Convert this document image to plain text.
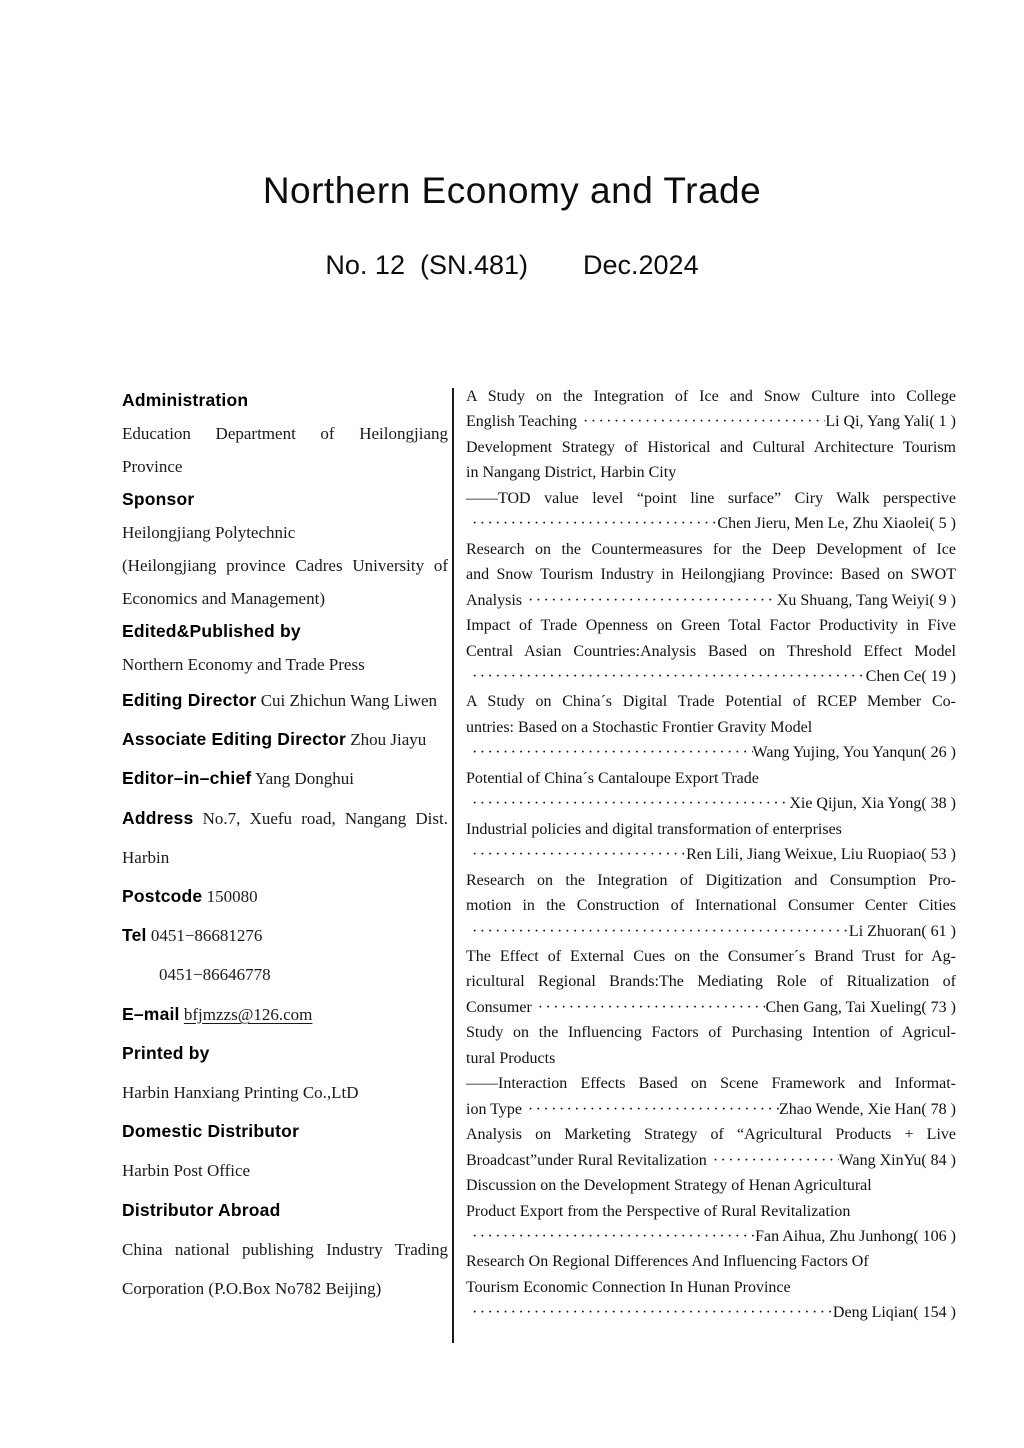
Northern Economy and Trade
No. 12  (SN.481) Dec.2024
Administration
Education Department of Heilongjiang Province
Sponsor
Heilongjiang Polytechnic
(Heilongjiang province Cadres University of Economics and Management)
Edited&Published by
Northern Economy and Trade Press
Editing Director Cui Zhichun Wang Liwen
Associate Editing Director Zhou Jiayu
Editor–in–chief Yang Donghui
Address No.7, Xuefu road, Nangang Dist. Harbin
Postcode 150080
Tel 0451−86681276
0451−86646778
E–mail bfjmzzs@126.com
Printed by
Harbin Hanxiang Printing Co.,LtD
Domestic Distributor
Harbin Post Office
Distributor Abroad
China national publishing Industry Trading Corporation (P.O.Box No782 Beijing)
A Study on the Integration of Ice and Snow Culture into College
English Teaching ·····	Li Qi, Yang Yali ( 1 )
Development Strategy of Historical and Cultural Architecture Tourism
in Nangang District, Harbin City
——TOD value level “point line surface” Ciry Walk perspective
·····
Chen Jieru, Men Le, Zhu Xiaolei ( 5 )
Research on the Countermeasures for the Deep Development of Ice
and Snow Tourism Industry in Heilongjiang Province: Based on SWOT
Analysis ·····	Xu Shuang, Tang Weiyi ( 9 )
Impact of Trade Openness on Green Total Factor Productivity in Five
Central Asian Countries:Analysis Based on Threshold Effect Model
·····
Chen Ce ( 19 )
A Study on China´s Digital Trade Potential of RCEP Member Co-
untries: Based on a Stochastic Frontier Gravity Model
·····
Wang Yujing, You Yanqun ( 26 )
Potential of China´s Cantaloupe Export Trade
·····
Xie Qijun, Xia Yong ( 38 )
Industrial policies and digital transformation of enterprises
·····
Ren Lili, Jiang Weixue, Liu Ruopiao ( 53 )
Research on the Integration of Digitization and Consumption Pro-
motion in the Construction of International Consumer Center Cities
·····
Li Zhuoran ( 61 )
The Effect of External Cues on the Consumer´s Brand Trust for Ag-
ricultural Regional Brands:The Mediating Role of Ritualization of
Consumer ·····	Chen Gang, Tai Xueling ( 73 )
Study on the Influencing Factors of Purchasing Intention of Agricul-
tural Products
——Interaction Effects Based on Scene Framework and Informat-
ion Type ·····	Zhao Wende, Xie Han ( 78 )
Analysis on Marketing Strategy of “Agricultural Products + Live
Broadcast”under Rural Revitalization ·····	Wang XinYu ( 84 )
Discussion on the Development Strategy of Henan Agricultural
Product Export from the Perspective of Rural Revitalization
·····
Fan Aihua, Zhu Junhong ( 106 )
Research On Regional Differences And Influencing Factors Of
Tourism Economic Connection In Hunan Province
·····
Deng Liqian ( 154 )
